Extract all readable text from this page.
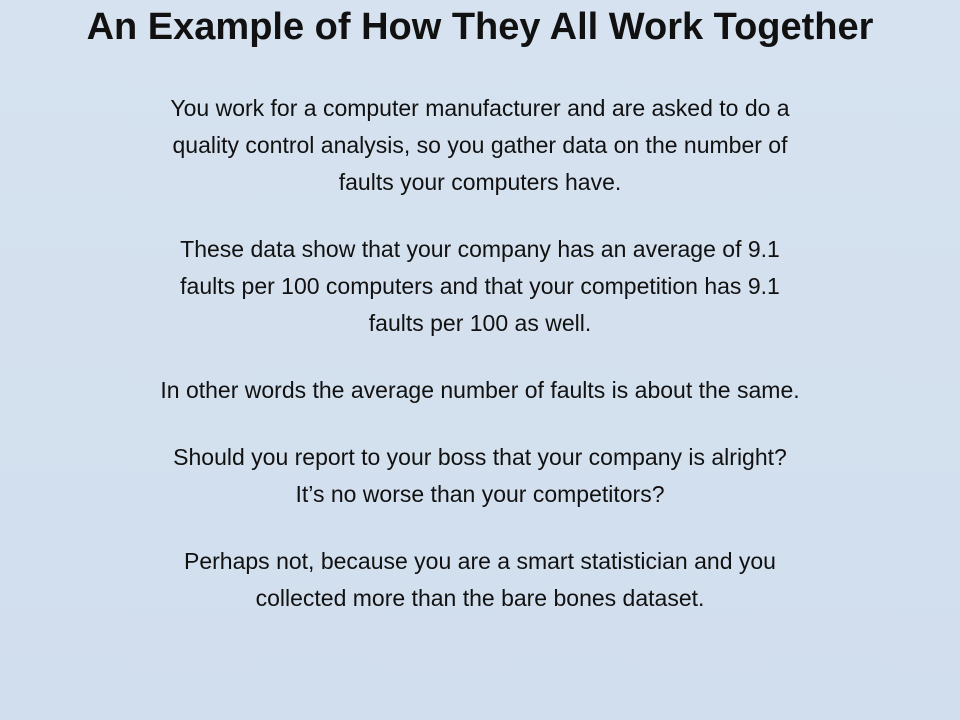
An Example of How They All Work Together

You work for a computer manufacturer and are asked to do a
quality control analysis, so you gather data on the number of
faults your computers have.

These data show that your company has an average of 9.1
faults per 100 computers and that your competition has 9.1
faults per 100 as well.

In other words the average number of faults is about the same.

Should you report to your boss that your company is alright?
It’s no worse than your competitors?

Perhaps not, because you are a smart statistician and you
collected more than the bare bones dataset.
